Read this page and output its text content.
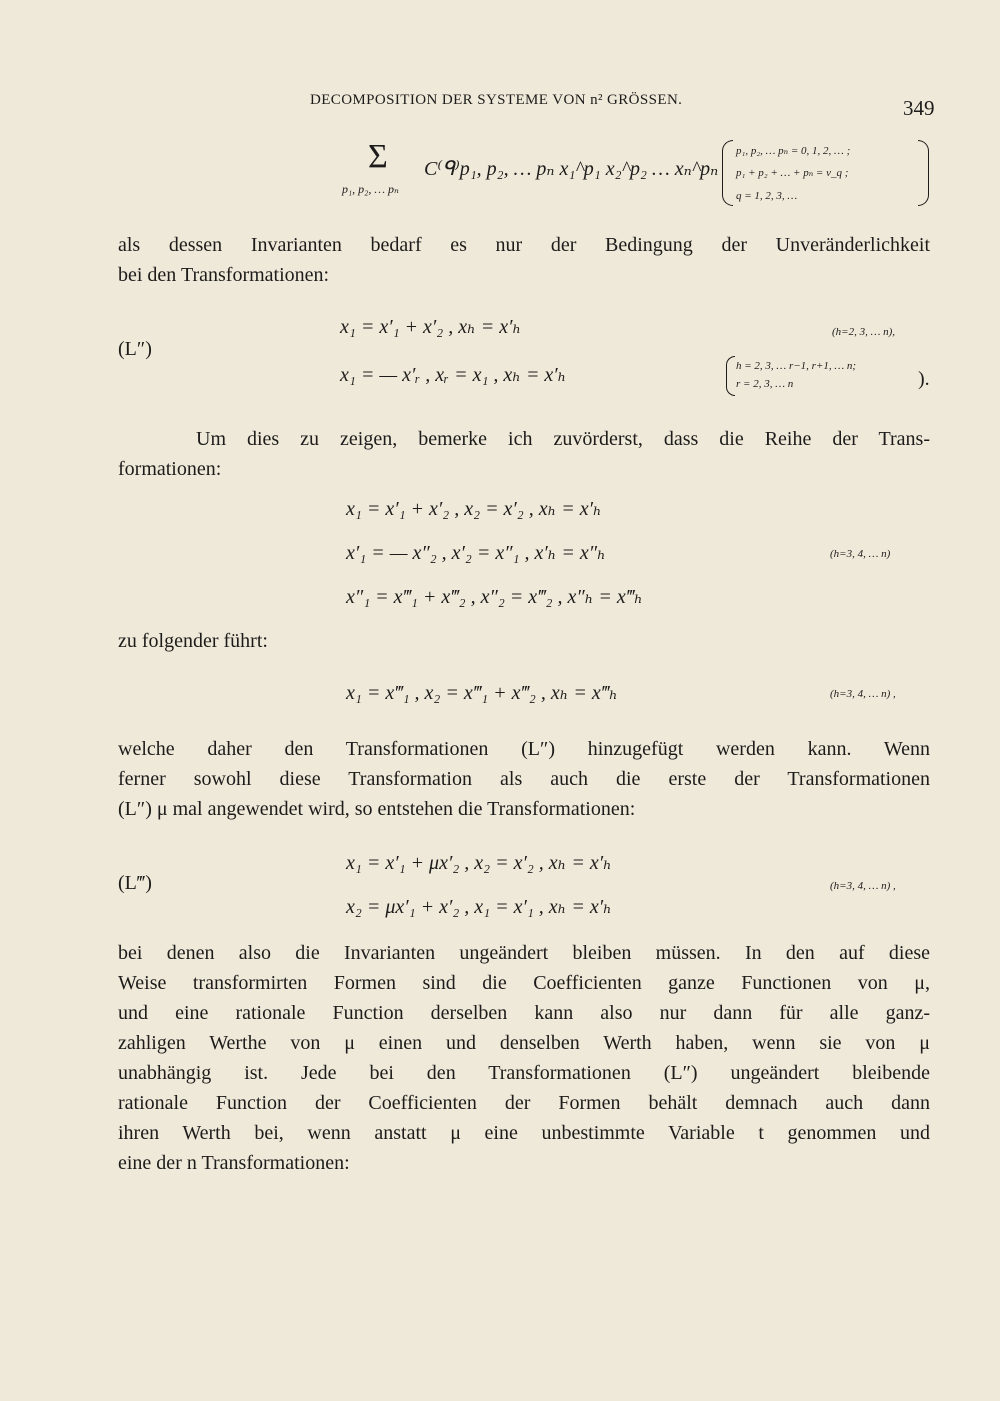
DECOMPOSITION DER SYSTEME VON n² GRÖSSEN.	349
Σ
p₁, p₂, … pₙ
C⁽ᑫ⁾p₁, p₂, … pₙ x₁^p₁ x₂^p₂ … xₙ^pₙ
p₁, p₂, … pₙ = 0, 1, 2, … ;
p₁ + p₂ + … + pₙ = ν_q ;
q = 1, 2, 3, …
als dessen Invarianten bedarf es nur der Bedingung der Unveränderlichkeit
bei den Transformationen:
(L″)
x₁ = x′₁ + x′₂ , xₕ = x′ₕ	(h=2, 3, … n),
x₁ = — x′ᵣ , xᵣ = x₁ , xₕ = x′ₕ	h = 2, 3, … r−1, r+1, … n;
r = 2, 3, … n	).
Um dies zu zeigen, bemerke ich zuvörderst, dass die Reihe der Trans-
formationen:
x₁ = x′₁ + x′₂ , x₂ = x′₂ , xₕ = x′ₕ
x′₁ = — x″₂ , x′₂ = x″₁ , x′ₕ = x″ₕ	(h=3, 4, … n)
x″₁ = x‴₁ + x‴₂ , x″₂ = x‴₂ , x″ₕ = x‴ₕ
zu folgender führt:
x₁ = x‴₁ , x₂ = x‴₁ + x‴₂ , xₕ = x‴ₕ	(h=3, 4, … n) ,
welche daher den Transformationen (L″) hinzugefügt werden kann. Wenn
ferner sowohl diese Transformation als auch die erste der Transformationen
(L″) μ mal angewendet wird, so entstehen die Transformationen:
(L‴)
x₁ = x′₁ + μx′₂ , x₂ = x′₂ , xₕ = x′ₕ
(h=3, 4, … n) ,
x₂ = μx′₁ + x′₂ , x₁ = x′₁ , xₕ = x′ₕ
bei denen also die Invarianten ungeändert bleiben müssen. In den auf diese
Weise transformirten Formen sind die Coefficienten ganze Functionen von μ,
und eine rationale Function derselben kann also nur dann für alle ganz-
zahligen Werthe von μ einen und denselben Werth haben, wenn sie von μ
unabhängig ist. Jede bei den Transformationen (L″) ungeändert bleibende
rationale Function der Coefficienten der Formen behält demnach auch dann
ihren Werth bei, wenn anstatt μ eine unbestimmte Variable t genommen und
eine der n Transformationen:
